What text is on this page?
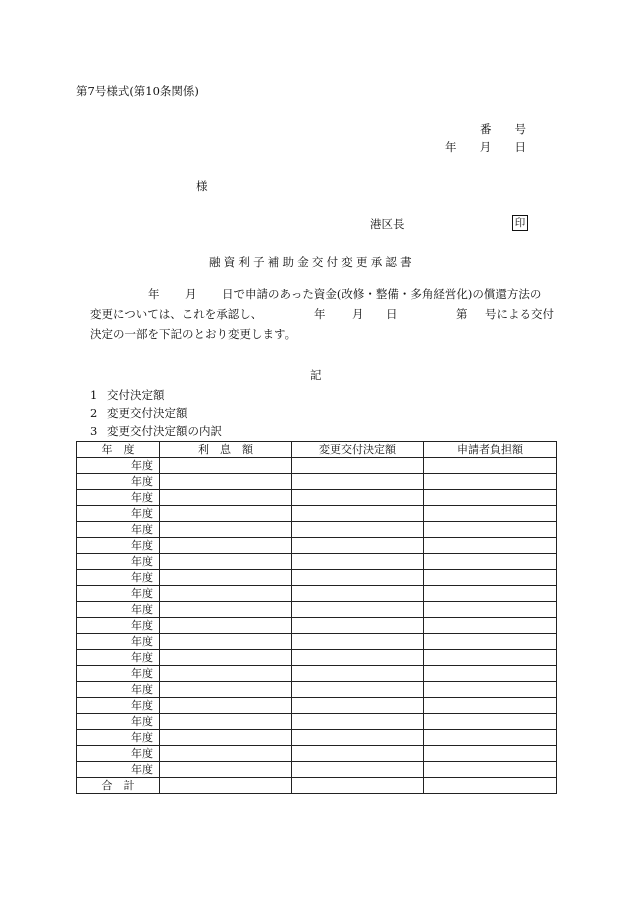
第7号様式(第10条関係)
番 号
年 月 日
様
港区長	印
融資利子補助金交付変更承認書
年 月 日で申請のあった資金(改修・整備・多角経営化)の償還方法の
変更については、これを承認し、	年 月 日	第 号による交付
決定の一部を下記のとおり変更します。
記
1 交付決定額
2 変更交付決定額
3 変更交付決定額の内訳
年　度	利　息　額	変更交付決定額	申請者負担額
年度			
年度			
年度			
年度			
年度			
年度			
年度			
年度			
年度			
年度			
年度			
年度			
年度			
年度			
年度			
年度			
年度			
年度			
年度			
年度			
合　計			
